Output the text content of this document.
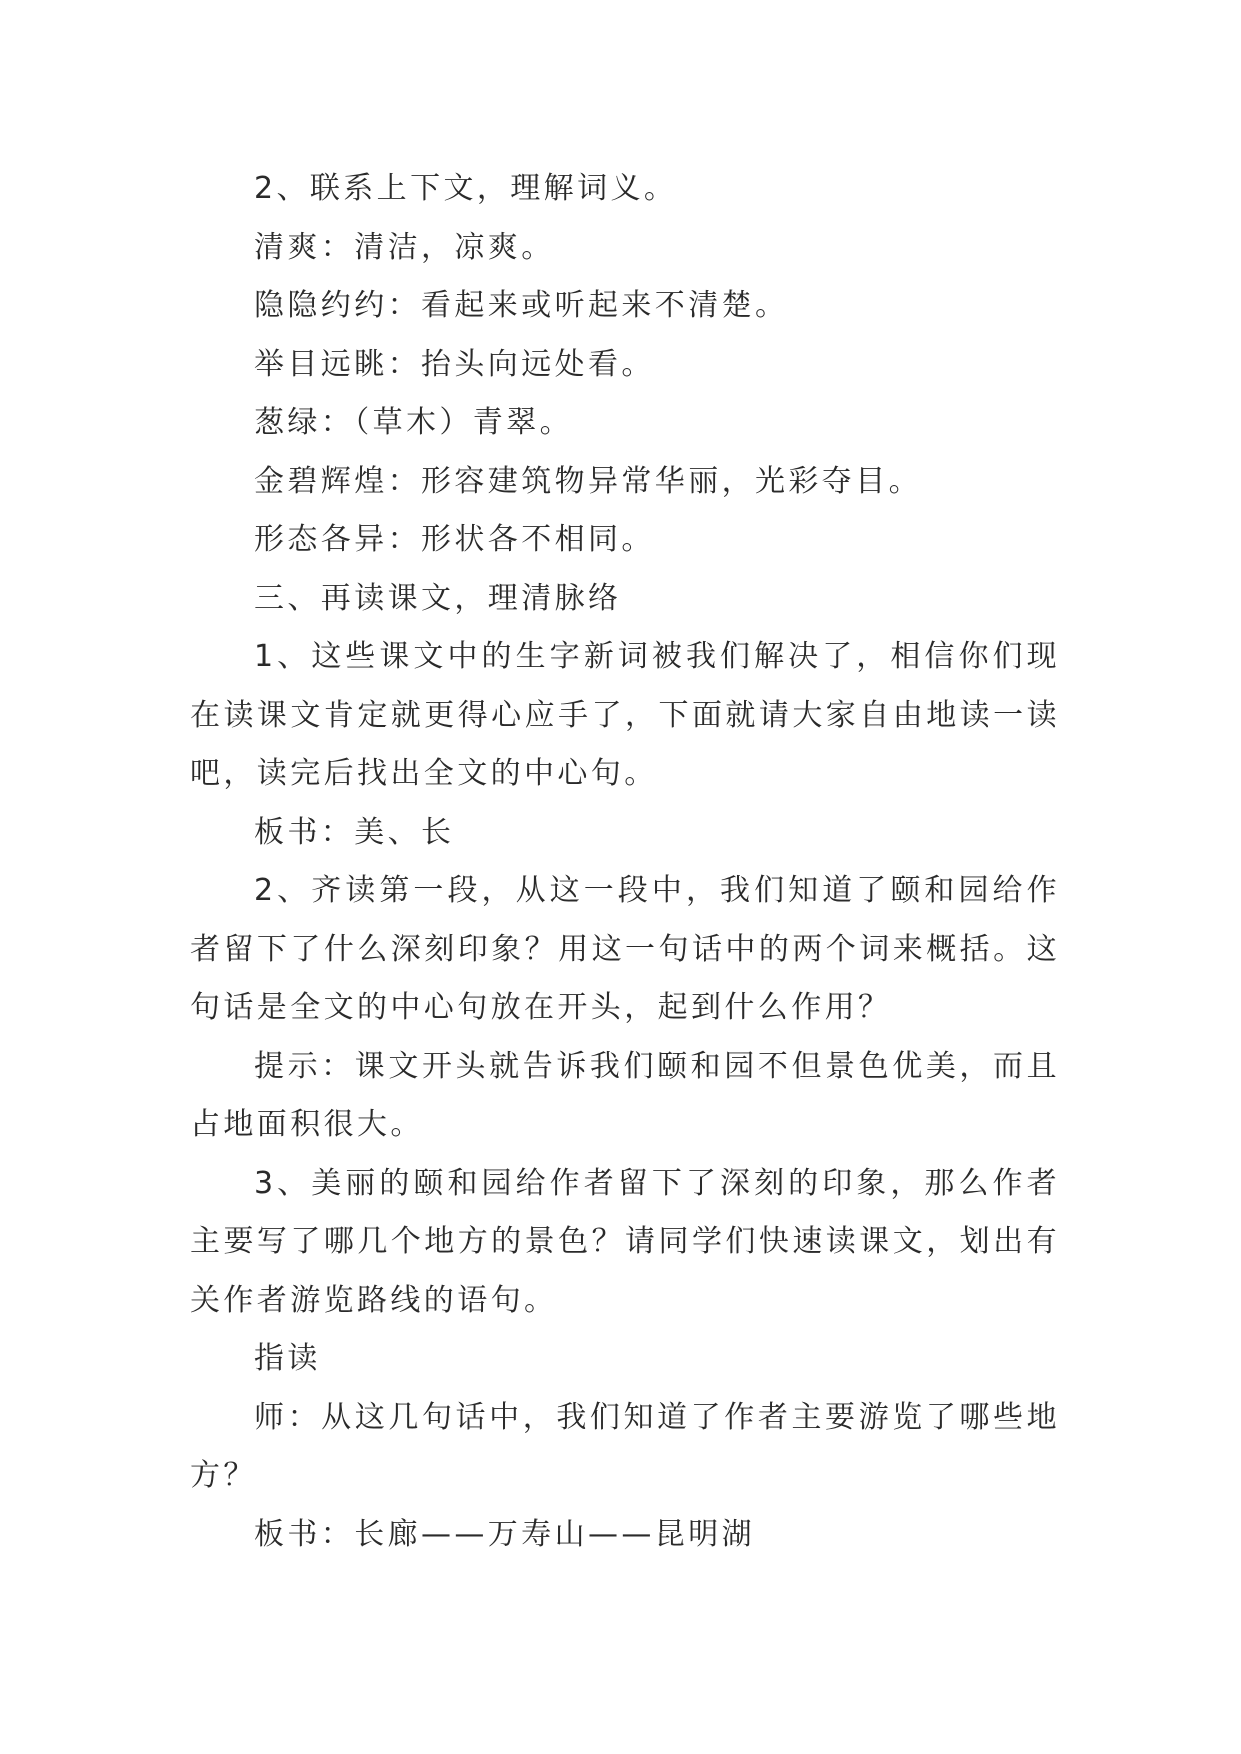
2、联系上下文，理解词义。

清爽：清洁，凉爽。

隐隐约约：看起来或听起来不清楚。

举目远眺：抬头向远处看。

葱绿：（草木）青翠。

金碧辉煌：形容建筑物异常华丽，光彩夺目。

形态各异：形状各不相同。

三、再读课文，理清脉络

1、这些课文中的生字新词被我们解决了，相信你们现在读课文肯定就更得心应手了，下面就请大家自由地读一读吧，读完后找出全文的中心句。

板书：美、长

2、齐读第一段，从这一段中，我们知道了颐和园给作者留下了什么深刻印象？用这一句话中的两个词来概括。这句话是全文的中心句放在开头，起到什么作用？

提示：课文开头就告诉我们颐和园不但景色优美，而且占地面积很大。

3、美丽的颐和园给作者留下了深刻的印象，那么作者主要写了哪几个地方的景色？请同学们快速读课文，划出有关作者游览路线的语句。

指读

师：从这几句话中，我们知道了作者主要游览了哪些地方？

板书：长廊——万寿山——昆明湖
